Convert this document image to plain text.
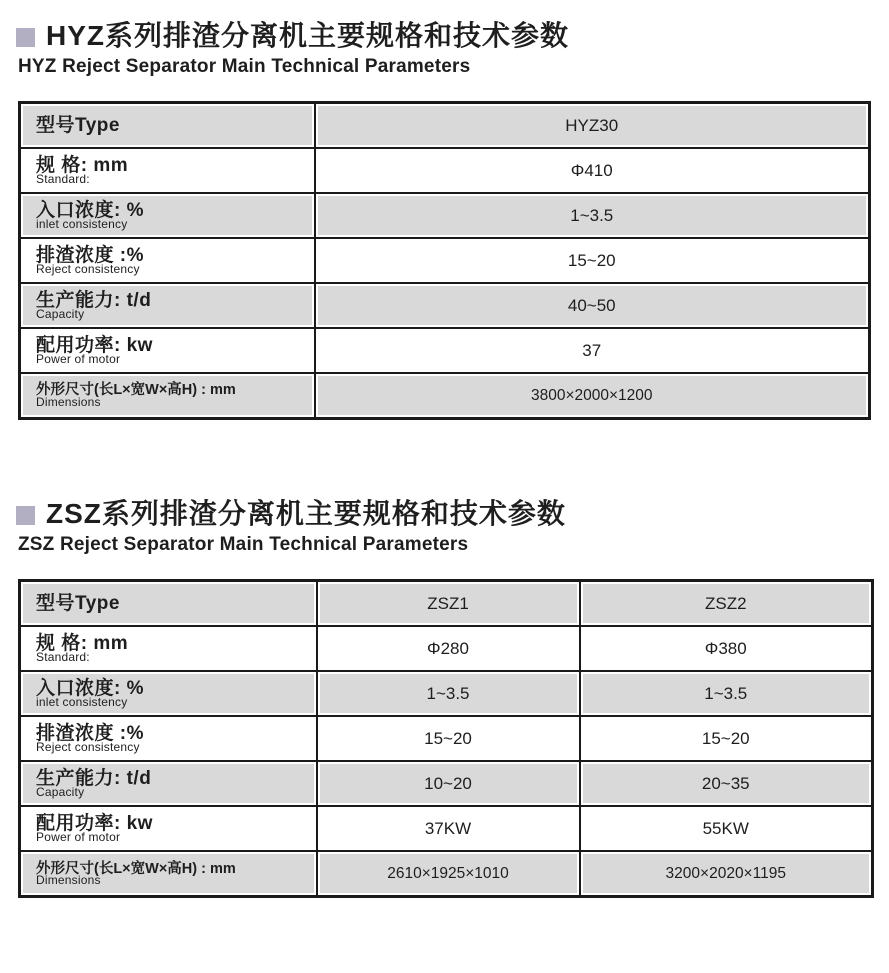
HYZ系列排渣分离机主要规格和技术参数
HYZ Reject Separator Main Technical Parameters
型号Type	HYZ30

规 格: mm
Standard:	Φ410

入口浓度: %
inlet consistency	1~3.5

排渣浓度 :%
Reject consistency	15~20

生产能力: t/d
Capacity	40~50

配用功率: kw
Power of motor	37

外形尺寸(长L×宽W×高H) : mm
Dimensions	3800×2000×1200
ZSZ系列排渣分离机主要规格和技术参数
ZSZ Reject Separator Main Technical Parameters
型号Type	ZSZ1	ZSZ2

规 格: mm
Standard:	Φ280	Φ380

入口浓度: %
inlet consistency	1~3.5	1~3.5

排渣浓度 :%
Reject consistency	15~20	15~20

生产能力: t/d
Capacity	10~20	20~35

配用功率: kw
Power of motor	37KW	55KW

外形尺寸(长L×宽W×高H) : mm
Dimensions	2610×1925×1010	3200×2020×1195
